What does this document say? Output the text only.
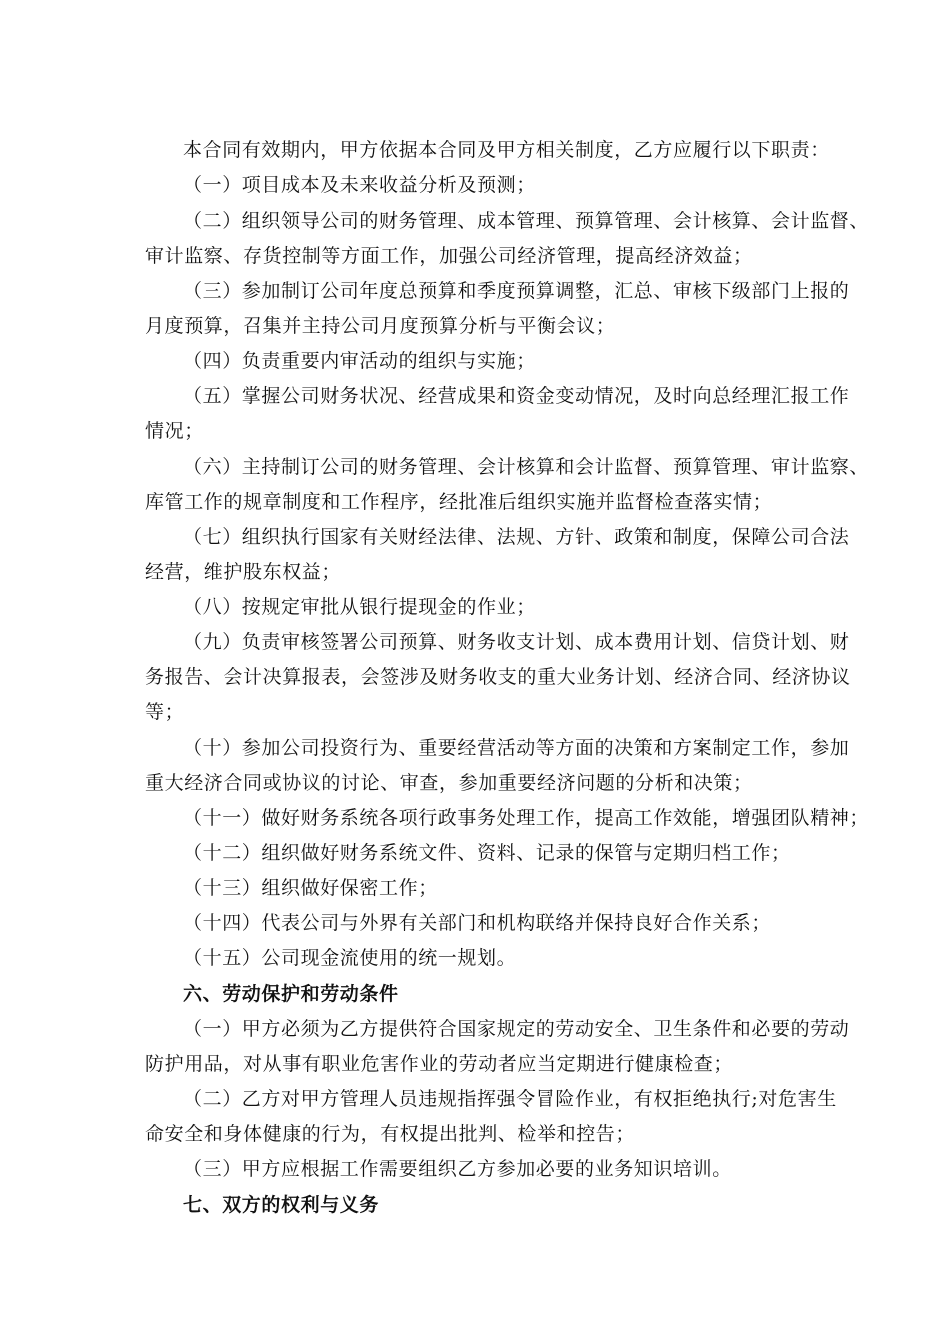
本合同有效期内，甲方依据本合同及甲方相关制度，乙方应履行以下职责：
（一）项目成本及未来收益分析及预测；
（二）组织领导公司的财务管理、成本管理、预算管理、会计核算、会计监督、
审计监察、存货控制等方面工作，加强公司经济管理，提高经济效益；
（三）参加制订公司年度总预算和季度预算调整，汇总、审核下级部门上报的
月度预算，召集并主持公司月度预算分析与平衡会议；
（四）负责重要内审活动的组织与实施；
（五）掌握公司财务状况、经营成果和资金变动情况，及时向总经理汇报工作
情况；
（六）主持制订公司的财务管理、会计核算和会计监督、预算管理、审计监察、
库管工作的规章制度和工作程序，经批准后组织实施并监督检查落实情；
（七）组织执行国家有关财经法律、法规、方针、政策和制度，保障公司合法
经营，维护股东权益；
（八）按规定审批从银行提现金的作业；
（九）负责审核签署公司预算、财务收支计划、成本费用计划、信贷计划、财
务报告、会计决算报表，会签涉及财务收支的重大业务计划、经济合同、经济协议
等；
（十）参加公司投资行为、重要经营活动等方面的决策和方案制定工作，参加
重大经济合同或协议的讨论、审查，参加重要经济问题的分析和决策；
（十一）做好财务系统各项行政事务处理工作，提高工作效能，增强团队精神；
（十二）组织做好财务系统文件、资料、记录的保管与定期归档工作；
（十三）组织做好保密工作；
（十四）代表公司与外界有关部门和机构联络并保持良好合作关系；
（十五）公司现金流使用的统一规划。
六、劳动保护和劳动条件
（一）甲方必须为乙方提供符合国家规定的劳动安全、卫生条件和必要的劳动
防护用品，对从事有职业危害作业的劳动者应当定期进行健康检查；
（二）乙方对甲方管理人员违规指挥强令冒险作业，有权拒绝执行;对危害生
命安全和身体健康的行为，有权提出批判、检举和控告；
（三）甲方应根据工作需要组织乙方参加必要的业务知识培训。
七、双方的权利与义务
